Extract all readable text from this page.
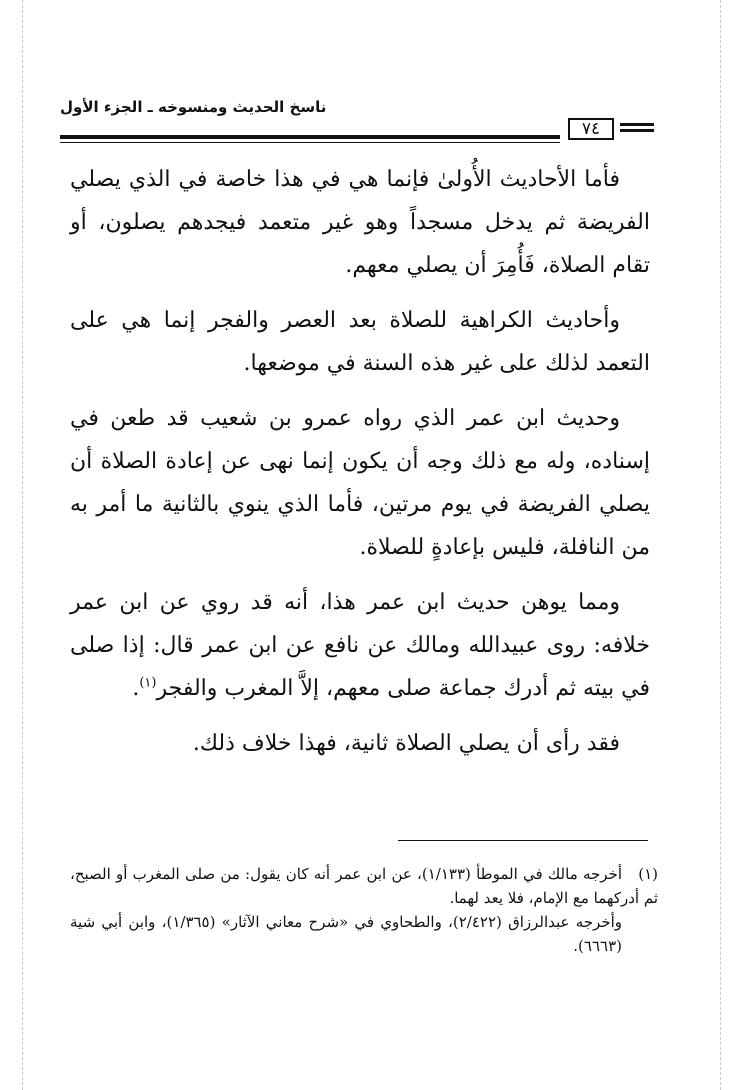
ناسخ الحديث ومنسوخه ـ الجزء الأول
٧٤

فأما الأحاديث الأُولىٰ فإنما هي في هذا خاصة في الذي يصلي الفريضة ثم يدخل مسجداً وهو غير متعمد فيجدهم يصلون، أو تقام الصلاة، فَأُمِرَ أن يصلي معهم.

وأحاديث الكراهية للصلاة بعد العصر والفجر إنما هي على التعمد لذلك على غير هذه السنة في موضعها.

وحديث ابن عمر الذي رواه عمرو بن شعيب قد طعن في إسناده، وله مع ذلك وجه أن يكون إنما نهى عن إعادة الصلاة أن يصلي الفريضة في يوم مرتين، فأما الذي ينوي بالثانية ما أمر به من النافلة، فليس بإعادةٍ للصلاة.

ومما يوهن حديث ابن عمر هذا، أنه قد روي عن ابن عمر خلافه: روى عبيدالله ومالك عن نافع عن ابن عمر قال: إذا صلى في بيته ثم أدرك جماعة صلى معهم، إلاَّ المغرب والفجر$^{(١)}$.

فقد رأى أن يصلي الصلاة ثانية، فهذا خلاف ذلك.

(١)أخرجه مالك في الموطأ (١/١٣٣)، عن ابن عمر أنه كان يقول: من صلى المغرب أو الصبح، ثم أدركهما مع الإمام، فلا يعد لهما.
وأخرجه عبدالرزاق (٢/٤٢٢)، والطحاوي في «شرح معاني الآثار» (١/٣٦٥)، وابن أبي شية (٦٦٦٣).
